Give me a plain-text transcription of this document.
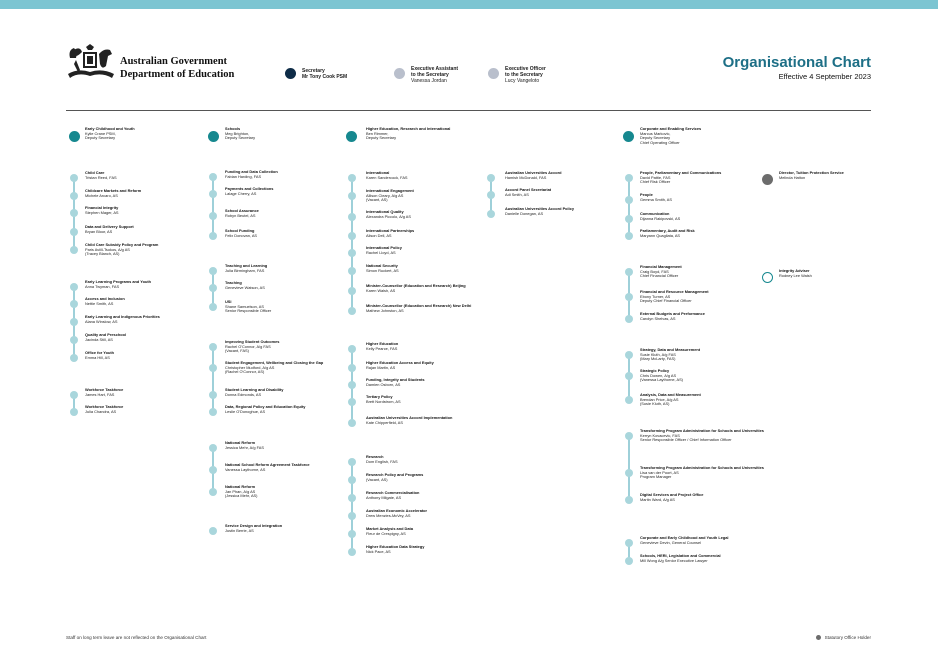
Australian Government
Department of Education	Secretary
Mr Tony Cook PSM
Executive Assistant
to the Secretary
Vanessa Jordan
Executive Officer
to the Secretary
Lucy Vangeloto
Organisational Chart
Effective 4 September 2023
Early Childhood and Youth
Kylie Crane PSM,
Deputy Secretary
Schools
Meg Brighton,
Deputy Secretary
Higher Education, Research and International
Ben Rimmer,
Deputy Secretary
Corporate and Enabling Services
Marcus Markovic,
Deputy Secretary
Chief Operating Officer
Child Care
Tristan Reed, FAS
Childcare Markets and Reform
Michele Arcaro, AS
Financial Integrity
Stephen Mager, AS
Data and Delivery Support
Bryan Bloor, AS
Child Care Subsidy Policy and Program
Paris Aviill-Tsokos, A/g AS
(Tracey Blanch, AS)
Early Learning Programs and Youth
Anna Twyman, FAS
Access and Inclusion
Nettie Smith, AS
Early Learning and Indigenous Priorities
Alana Winslow, AS
Quality and Preschool
Jacinda Still, AS
Office for Youth
Emma Hill, AS
Workforce Taskforce
James Hart, FAS
Workforce Taskforce
Julia Chandra, AS
Funding and Data Collection
Fabian Harding, FAS
Payments and Collections
Lalage Cherry, AS
School Assurance
Robyn Beutel, AS
School Funding
Felix Donovan, AS
Teaching and Learning
Julia Birmingham, FAS
Teaching
Genevieve Watson, AS
USI
Shane Samuelson, AS
Senior Responsible Officer
Improving Student Outcomes
Rachel O'Connor, A/g FAS
(Vacant, FAS)
Student Engagement, Wellbeing and Closing the Gap
Christopher Mudford, A/g AS
(Rachel O'Connor, AS)
Student Learning and Disability
Donna Edmonds, AS
Data, Regional Policy and Education Equity
Leslie O'Donoghue, AS
National Reform
Jessica Mehr, A/g FAS
National School Reform Agreement Taskforce
Vanessa Laythorne, AS
National Reform
Jan Phan, A/g AS
(Jessica Mehr, AS)
Service Design and Integration
Justin Berrie, AS
International
Karen Sandercock, FAS
International Engagement
Allison Cleary, A/g AS
(Vacant, AS)
International Quality
Alexandra Piccolo, A/g AS
International Partnerships
Alison Dell, AS
International Policy
Rachel Lloyd, AS
National Security
Simon Ruckert, AS
Minister-Counsellor (Education and Research) Beijing
Karen Walsh, AS
Minister-Counsellor (Education and Research) New Delhi
Mathew Johnston, AS
Higher Education
Kelly Pearce, FAS
Higher Education Access and Equity
Rajan Martin, AS
Funding, Integrity and Students
Damien Osborn, AS
Tertiary Policy
Brett Nordstrom, AS
Australian Universities Accord Implementation
Kate Chipperfield, AS
Research
Dom English, FAS
Research Policy and Programs
(Vacant, AS)
Research Commercialisation
Anthony Milgate, AS
Australian Economic Accelerator
Drew Menzies-McVey, AS
Market Analysis and Data
Fleur de Crespigny, AS
Higher Education Data Strategy
Nick Pace, AS
Australian Universities Accord
Hamish McDonald, FAS
Accord Panel Secretariat
Adi Smith, AS
Australian Universities Accord Policy
Danielle Donegan, AS
People, Parliamentary and Communications
David Pattie, FAS
Chief Risk Officer
People
Gemma Smith, AS
Communication
Dijanna Rakipovski, AS
Parliamentary, Audit and Risk
Maryann Quagliata, AS
Financial Management
Craig Boyd, FAS
Chief Financial Officer
Financial and Resource Management
Ebony Turner, AS
Deputy Chief Financial Officer
External Budgets and Performance
Carolyn Shelvas, AS
Strategy, Data and Measurement
Susie Kluth, A/g FAS
(Mary McLarty, FAS)
Strategic Policy
Chris Dowen, A/g AS
(Vanessa Laythorne, AS)
Analysis, Data and Measurement
Brendan Price, A/g AS
(Susie Kluth, AS)
Transforming Program Administration for Schools and Universities
Kerryn Kovacevic, FAS
Senior Responsible Officer / Chief Information Officer
Transforming Program Administration for Schools and Universities
Lisa van der Poort, AS
Program Manager
Digital Services and Project Office
Martin Ward, A/g AS
Corporate and Early Childhood and Youth Legal
Genevieve Devin, General Counsel
Schools, HERI, Legislation and Commercial
Mill Wong A/g Senior Executive Lawyer
Director, Tuition Protection Service
Melinda Hatton
Integrity Adviser
Rodney Lee Walsh
Staff on long term leave are not reflected on the Organisational Chart	Statutory Office Holder
